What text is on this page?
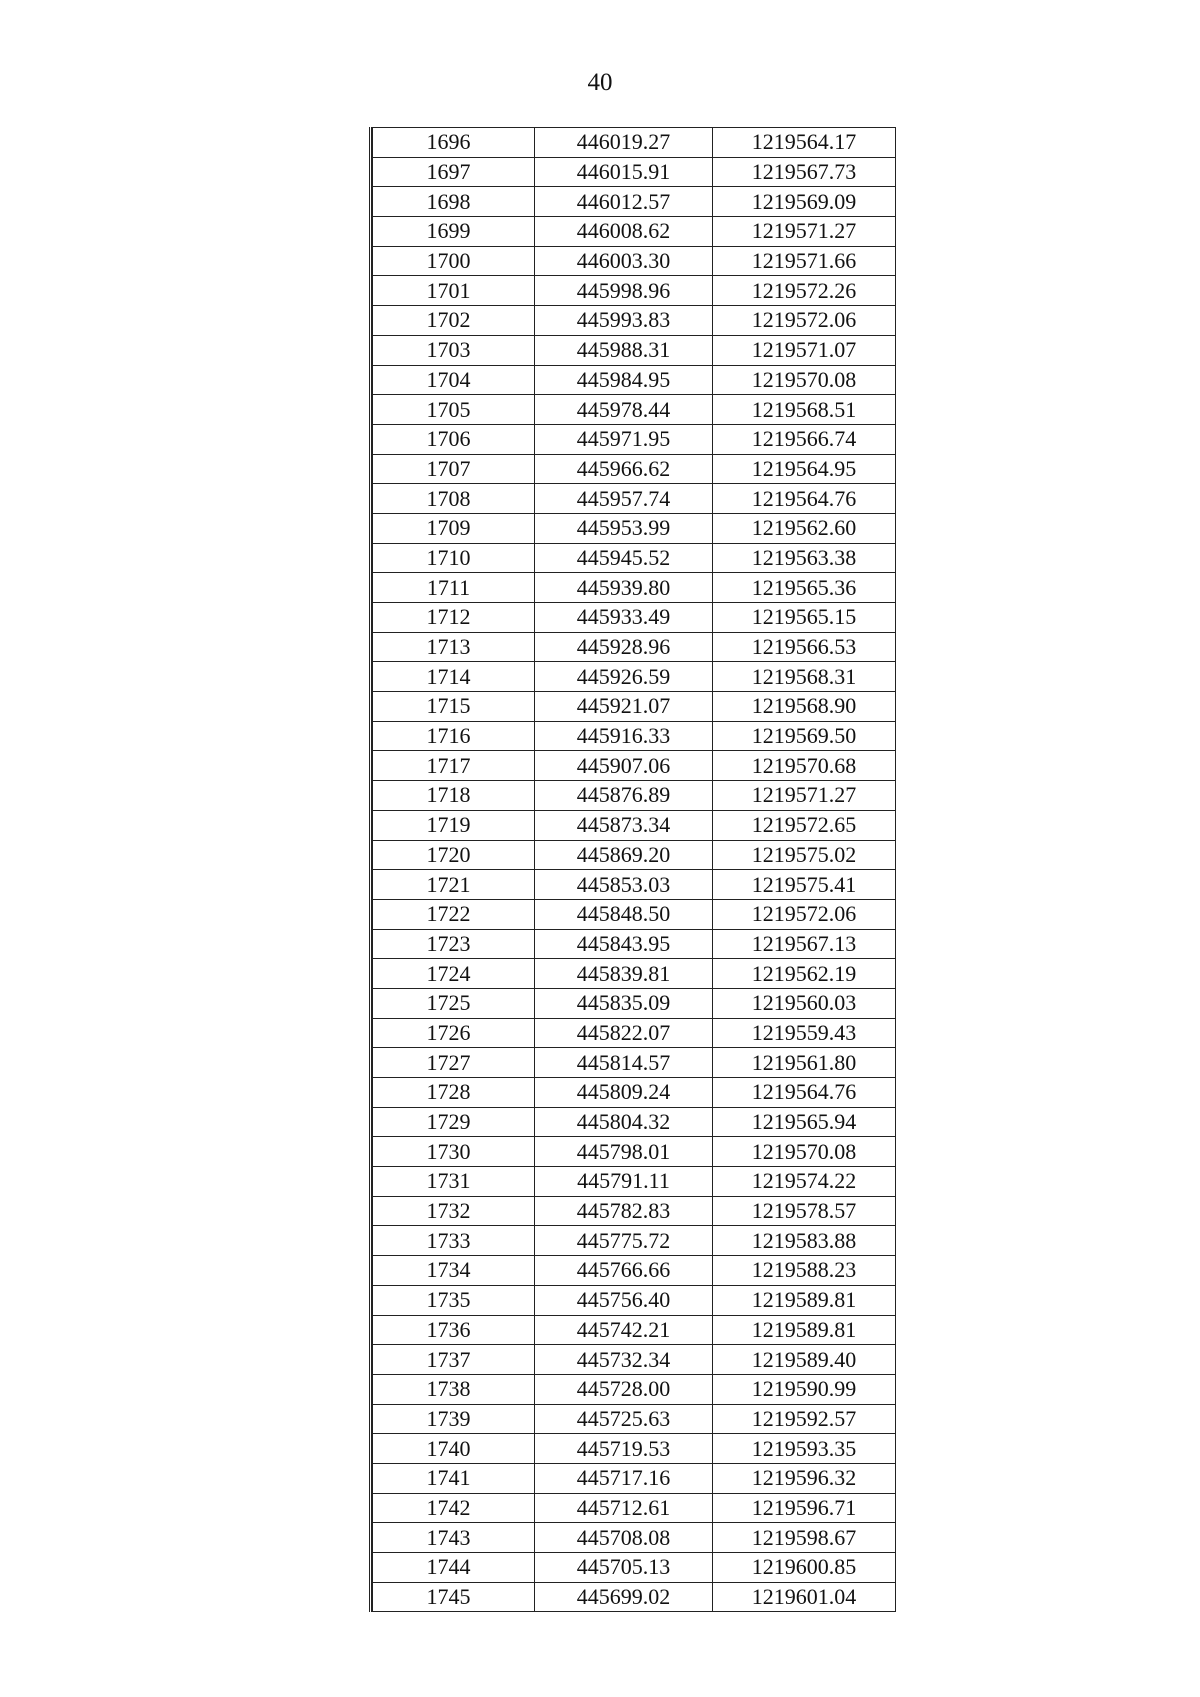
40
1696	446019.27	1219564.17
1697	446015.91	1219567.73
1698	446012.57	1219569.09
1699	446008.62	1219571.27
1700	446003.30	1219571.66
1701	445998.96	1219572.26
1702	445993.83	1219572.06
1703	445988.31	1219571.07
1704	445984.95	1219570.08
1705	445978.44	1219568.51
1706	445971.95	1219566.74
1707	445966.62	1219564.95
1708	445957.74	1219564.76
1709	445953.99	1219562.60
1710	445945.52	1219563.38
1711	445939.80	1219565.36
1712	445933.49	1219565.15
1713	445928.96	1219566.53
1714	445926.59	1219568.31
1715	445921.07	1219568.90
1716	445916.33	1219569.50
1717	445907.06	1219570.68
1718	445876.89	1219571.27
1719	445873.34	1219572.65
1720	445869.20	1219575.02
1721	445853.03	1219575.41
1722	445848.50	1219572.06
1723	445843.95	1219567.13
1724	445839.81	1219562.19
1725	445835.09	1219560.03
1726	445822.07	1219559.43
1727	445814.57	1219561.80
1728	445809.24	1219564.76
1729	445804.32	1219565.94
1730	445798.01	1219570.08
1731	445791.11	1219574.22
1732	445782.83	1219578.57
1733	445775.72	1219583.88
1734	445766.66	1219588.23
1735	445756.40	1219589.81
1736	445742.21	1219589.81
1737	445732.34	1219589.40
1738	445728.00	1219590.99
1739	445725.63	1219592.57
1740	445719.53	1219593.35
1741	445717.16	1219596.32
1742	445712.61	1219596.71
1743	445708.08	1219598.67
1744	445705.13	1219600.85
1745	445699.02	1219601.04
